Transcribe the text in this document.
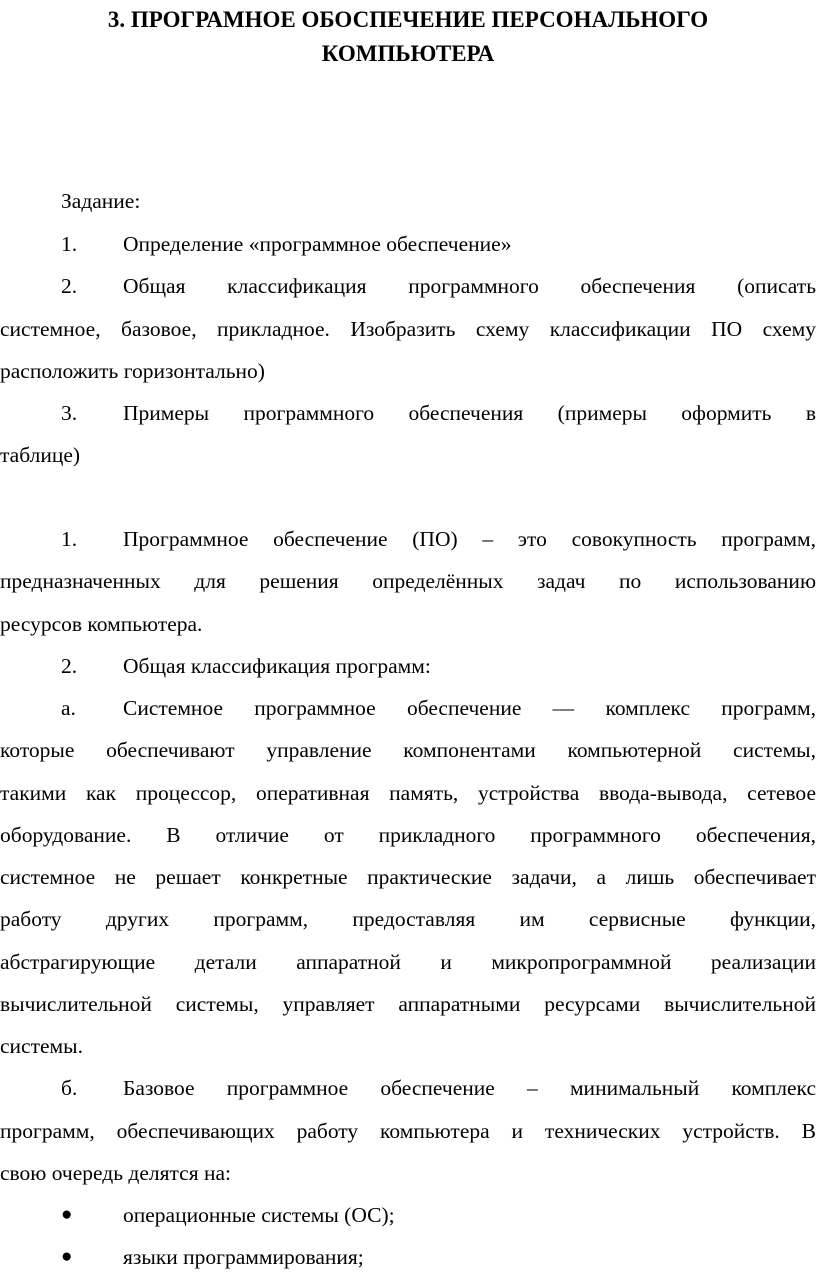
3. ПРОГРАМНОЕ ОБОСПЕЧЕНИЕ ПЕРСОНАЛЬНОГО
КОМПЬЮТЕРА
Задание:
1. Определение «программное обеспечение»
2. Общая классификация программного обеспечения (описать
системное, базовое, прикладное. Изобразить схему классификации ПО схему
расположить горизонтально)
3. Примеры программного обеспечения (примеры оформить в
таблице)
1. Программное обеспечение (ПО) – это совокупность программ,
предназначенных для решения определённых задач по использованию
ресурсов компьютера.
2. Общая классификация программ:
а. Системное программное обеспечение — комплекс программ,
которые обеспечивают управление компонентами компьютерной системы,
такими как процессор, оперативная память, устройства ввода-вывода, сетевое
оборудование. В отличие от прикладного программного обеспечения,
системное не решает конкретные практические задачи, а лишь обеспечивает
работу других программ, предоставляя им сервисные функции,
абстрагирующие детали аппаратной и микропрограммной реализации
вычислительной системы, управляет аппаратными ресурсами вычислительной
системы.
б. Базовое программное обеспечение – минимальный комплекс
программ, обеспечивающих работу компьютера и технических устройств. В
свою очередь делятся на:
● операционные системы (ОС);
● языки программирования;
